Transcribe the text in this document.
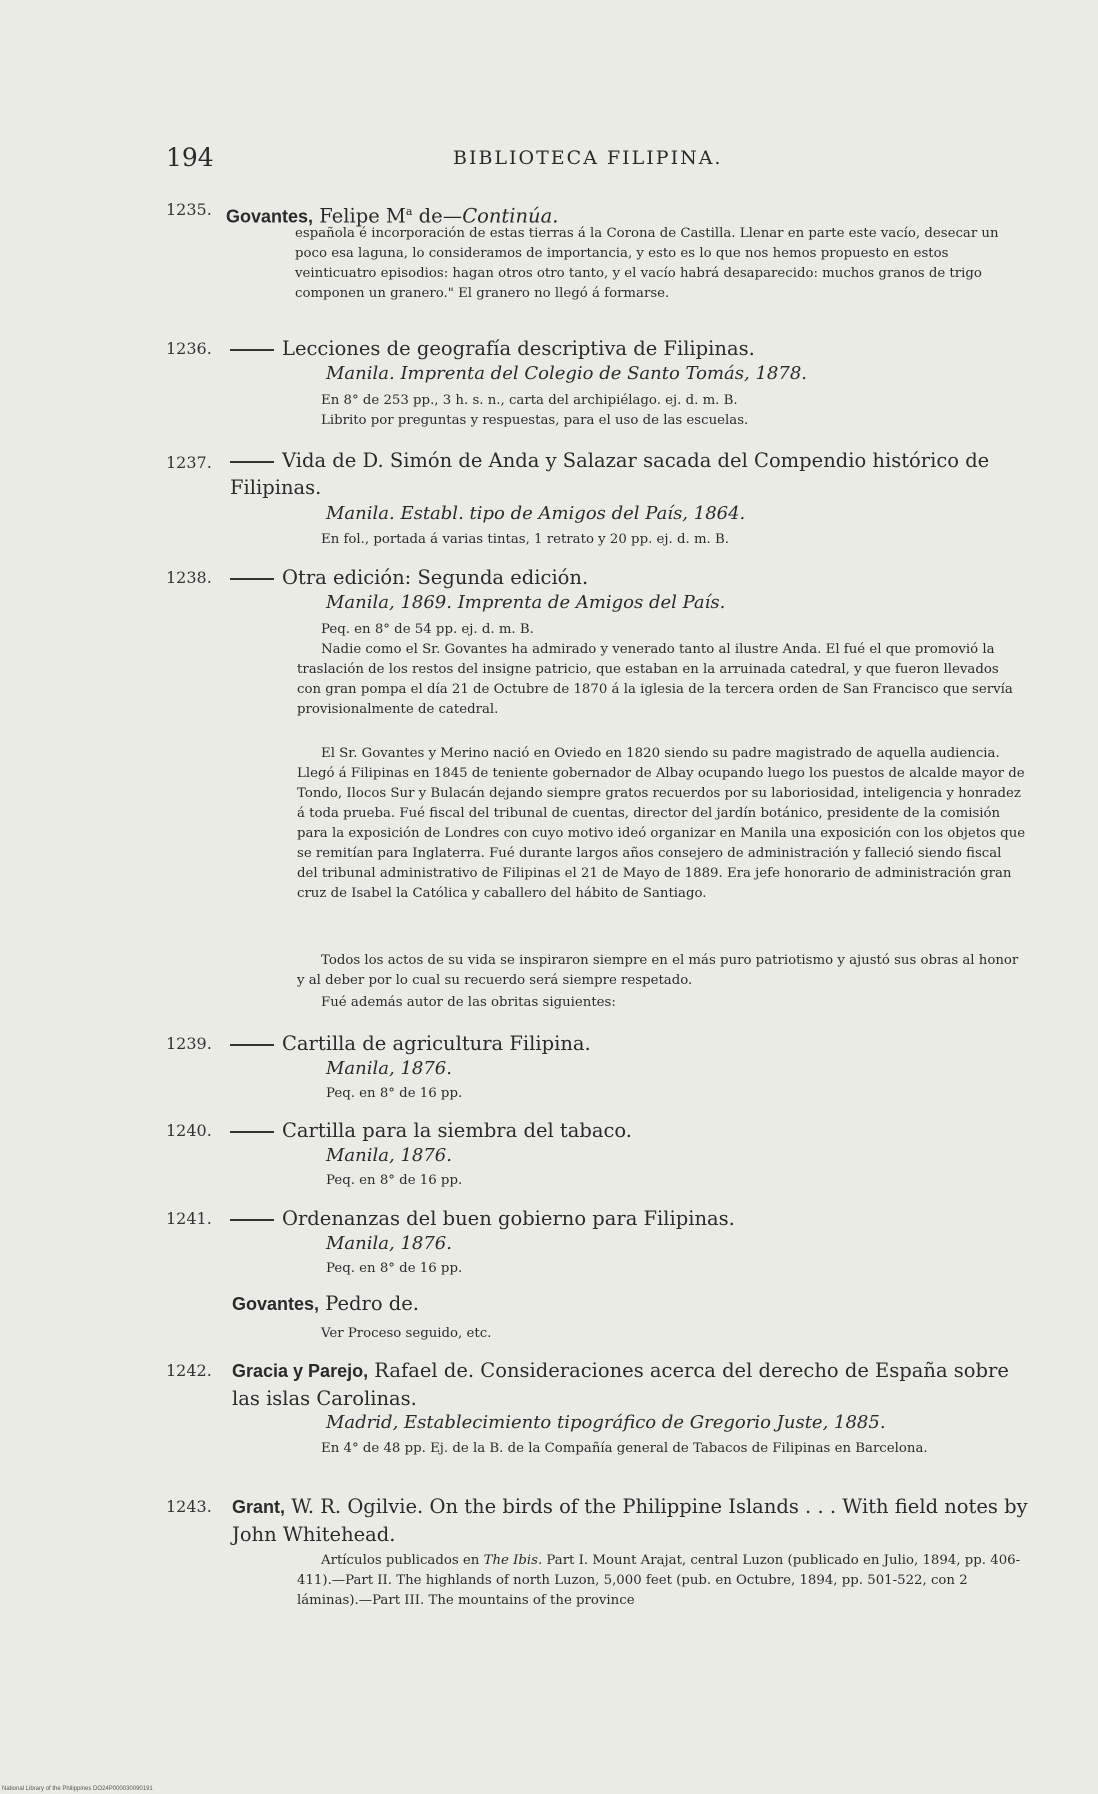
194	BIBLIOTECA FILIPINA.
1235. Govantes, Felipe $M^a$ de—Continúa.
española é incorporación de estas tierras á la Corona de Castilla. Llenar en parte este vacío, desecar un poco esa laguna, lo consideramos de importancia, y esto es lo que nos hemos propuesto en estos veinticuatro episodios: hagan otros otro tanto, y el vacío habrá desaparecido: muchos granos de trigo componen un granero." El granero no llegó á formarse.
1236.	Lecciones de geografía descriptiva de Filipinas.
Manila. Imprenta del Colegio de Santo Tomás, 1878.
En 8° de 253 pp., 3 h. s. n., carta del archipiélago. ej. d. m. B.
Librito por preguntas y respuestas, para el uso de las escuelas.
1237.	Vida de D. Simón de Anda y Salazar sacada del Compendio histórico de Filipinas.
Manila. Establ. tipo de Amigos del País, 1864.
En fol., portada á varias tintas, 1 retrato y 20 pp. ej. d. m. B.
1238.	Otra edición: Segunda edición.
Manila, 1869. Imprenta de Amigos del País.
Peq. en 8° de 54 pp. ej. d. m. B.
Nadie como el Sr. Govantes ha admirado y venerado tanto al ilustre Anda. El fué el que promovió la traslación de los restos del insigne patricio, que estaban en la arruinada catedral, y que fueron llevados con gran pompa el día 21 de Octubre de 1870 á la iglesia de la tercera orden de San Francisco que servía provisionalmente de catedral.
El Sr. Govantes y Merino nació en Oviedo en 1820 siendo su padre magistrado de aquella audiencia. Llegó á Filipinas en 1845 de teniente gobernador de Albay ocupando luego los puestos de alcalde mayor de Tondo, Ilocos Sur y Bulacán dejando siempre gratos recuerdos por su laboriosidad, inteligencia y honradez á toda prueba. Fué fiscal del tribunal de cuentas, director del jardín botánico, presidente de la comisión para la exposición de Londres con cuyo motivo ideó organizar en Manila una exposición con los objetos que se remitían para Inglaterra. Fué durante largos años consejero de administración y falleció siendo fiscal del tribunal administrativo de Filipinas el 21 de Mayo de 1889. Era jefe honorario de administración gran cruz de Isabel la Católica y caballero del hábito de Santiago.
Todos los actos de su vida se inspiraron siempre en el más puro patriotismo y ajustó sus obras al honor y al deber por lo cual su recuerdo será siempre respetado.
Fué además autor de las obritas siguientes:
1239.	Cartilla de agricultura Filipina.
Manila, 1876.
Peq. en 8° de 16 pp.
1240.	Cartilla para la siembra del tabaco.
Manila, 1876.
Peq. en 8° de 16 pp.
1241.	Ordenanzas del buen gobierno para Filipinas.
Manila, 1876.
Peq. en 8° de 16 pp.
Govantes, Pedro de.
Ver Proceso seguido, etc.
1242. Gracia y Parejo, Rafael de. Consideraciones acerca del derecho de España sobre las islas Carolinas.
Madrid, Establecimiento tipográfico de Gregorio Juste, 1885.
En 4° de 48 pp. Ej. de la B. de la Compañía general de Tabacos de Filipinas en Barcelona.
1243. Grant, W. R. Ogilvie. On the birds of the Philippine Islands . . . With field notes by John Whitehead.
Artículos publicados en The Ibis. Part I. Mount Arajat, central Luzon (publicado en Julio, 1894, pp. 406-411).—Part II. The highlands of north Luzon, 5,000 feet (pub. en Octubre, 1894, pp. 501-522, con 2 láminas).—Part III. The mountains of the province
National Library of the Philippines DO24P000030090191
